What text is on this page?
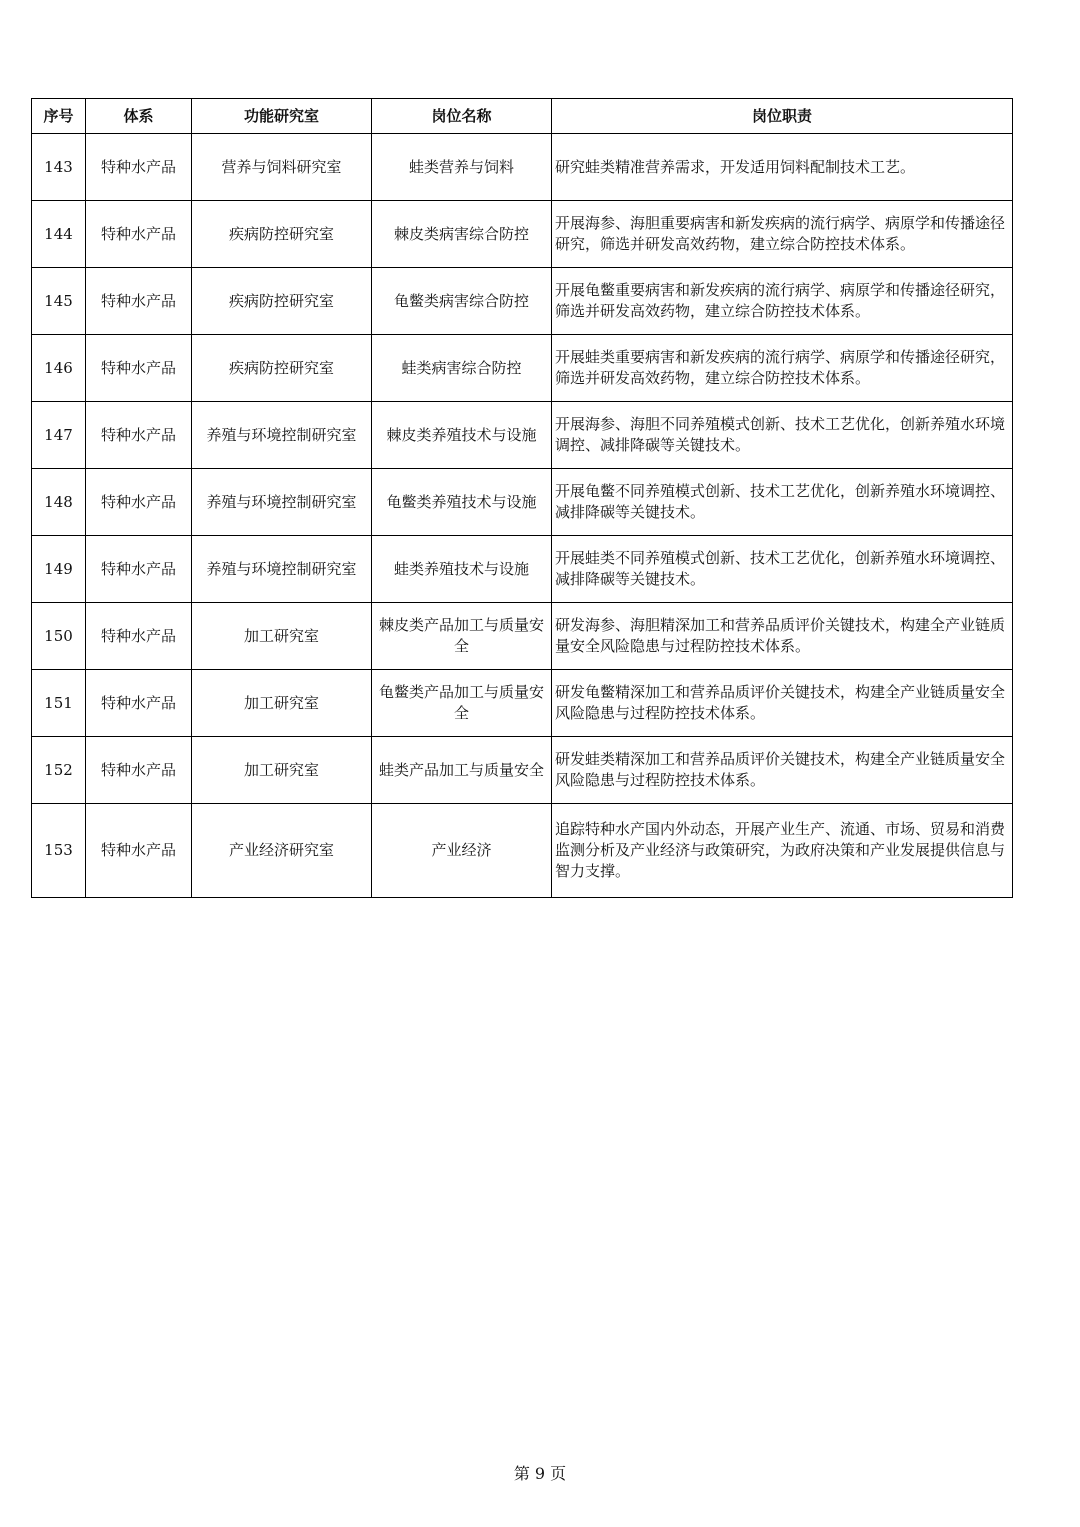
序号	体系	功能研究室	岗位名称	岗位职责
143	特种水产品	营养与饲料研究室	蛙类营养与饲料	研究蛙类精准营养需求，开发适用饲料配制技术工艺。
144	特种水产品	疾病防控研究室	棘皮类病害综合防控	开展海参、海胆重要病害和新发疾病的流行病学、病原学和传播途径研究，筛选并研发高效药物，建立综合防控技术体系。
145	特种水产品	疾病防控研究室	龟鳖类病害综合防控	开展龟鳖重要病害和新发疾病的流行病学、病原学和传播途径研究，筛选并研发高效药物，建立综合防控技术体系。
146	特种水产品	疾病防控研究室	蛙类病害综合防控	开展蛙类重要病害和新发疾病的流行病学、病原学和传播途径研究，筛选并研发高效药物，建立综合防控技术体系。
147	特种水产品	养殖与环境控制研究室	棘皮类养殖技术与设施	开展海参、海胆不同养殖模式创新、技术工艺优化，创新养殖水环境调控、减排降碳等关键技术。
148	特种水产品	养殖与环境控制研究室	龟鳖类养殖技术与设施	开展龟鳖不同养殖模式创新、技术工艺优化，创新养殖水环境调控、减排降碳等关键技术。
149	特种水产品	养殖与环境控制研究室	蛙类养殖技术与设施	开展蛙类不同养殖模式创新、技术工艺优化，创新养殖水环境调控、减排降碳等关键技术。
150	特种水产品	加工研究室	棘皮类产品加工与质量安全	研发海参、海胆精深加工和营养品质评价关键技术，构建全产业链质量安全风险隐患与过程防控技术体系。
151	特种水产品	加工研究室	龟鳖类产品加工与质量安全	研发龟鳖精深加工和营养品质评价关键技术，构建全产业链质量安全风险隐患与过程防控技术体系。
152	特种水产品	加工研究室	蛙类产品加工与质量安全	研发蛙类精深加工和营养品质评价关键技术，构建全产业链质量安全风险隐患与过程防控技术体系。
153	特种水产品	产业经济研究室	产业经济	追踪特种水产国内外动态，开展产业生产、流通、市场、贸易和消费监测分析及产业经济与政策研究，为政府决策和产业发展提供信息与智力支撑。
第 9 页
